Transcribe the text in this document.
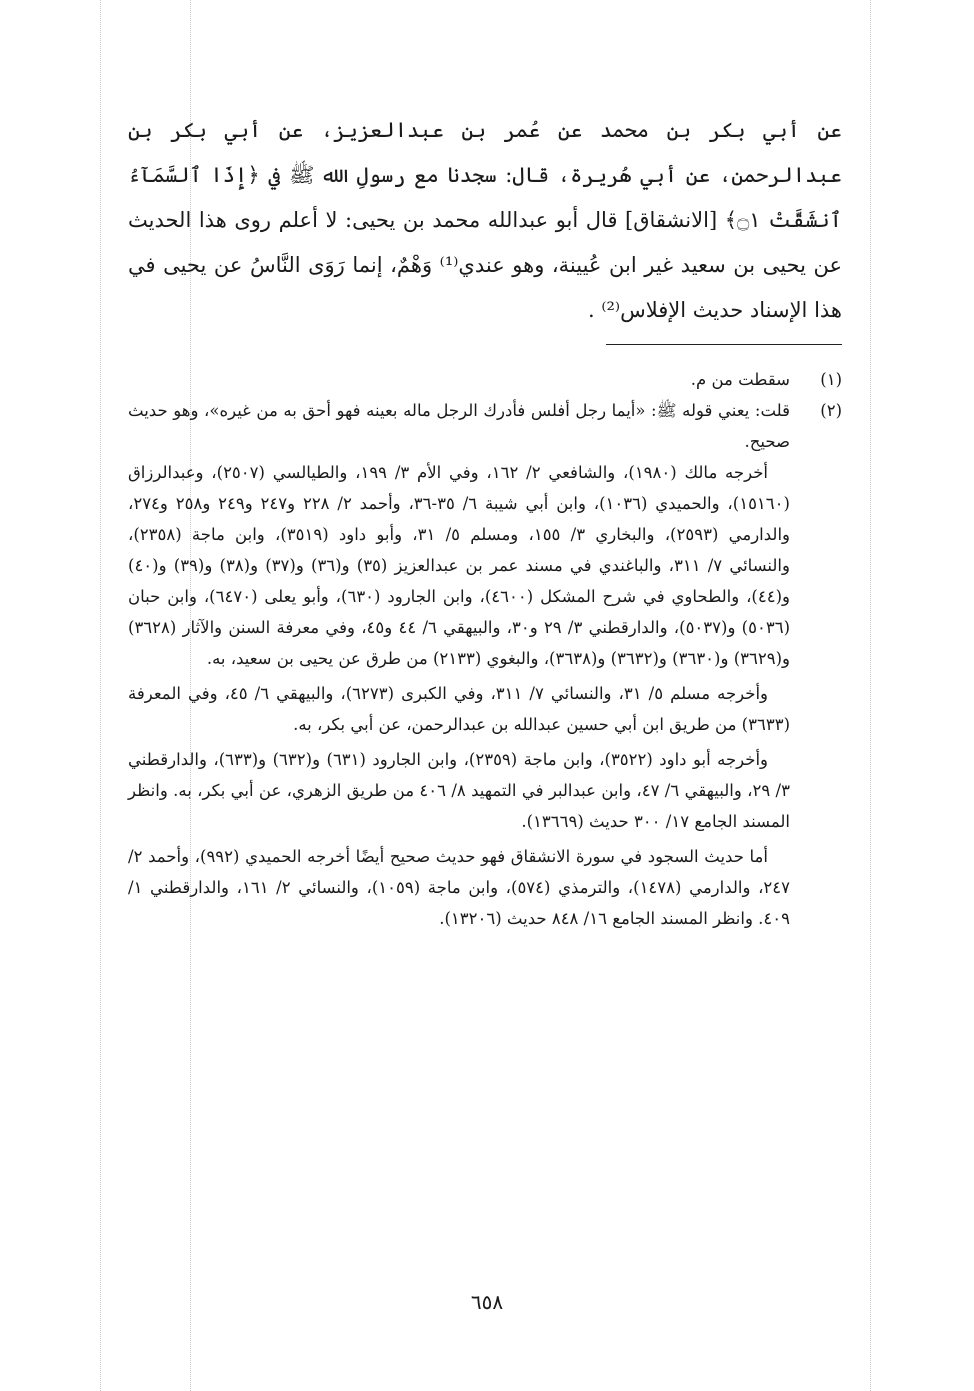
عن أبي بكر بن محمد عن عُمر بن عبدالعزيز، عن أبي بكر بن عبدالرحمن، عن أبي هُريرة، قال: سجدنا مع رسولِ الله ﷺ في ﴿إِذَا ٱلسَّمَآءُ ٱنشَقَّتْ ۝١﴾ [الانشقاق] قال أبو عبدالله محمد بن يحيى: لا أعلم روى هذا الحديث عن يحيى بن سعيد غير ابن عُيينة، وهو عندي⁽¹⁾ وَهْمٌ، إنما رَوَى النَّاسُ عن يحيى في هذا الإسناد حديث الإفلاس⁽²⁾ .

(١)
سقطت من م.
(٢)
قلت: يعني قوله ﷺ: «أيما رجل أفلس فأدرك الرجل ماله بعينه فهو أحق به من غيره»، وهو حديث صحيح.

أخرجه مالك (١٩٨٠)، والشافعي ٢/ ١٦٢، وفي الأم ٣/ ١٩٩، والطيالسي (٢٥٠٧)، وعبدالرزاق (١٥١٦٠)، والحميدي (١٠٣٦)، وابن أبي شيبة ٦/ ٣٥-٣٦، وأحمد ٢/ ٢٢٨ و٢٤٧ و٢٤٩ و٢٥٨ و٢٧٤، والدارمي (٢٥٩٣)، والبخاري ٣/ ١٥٥، ومسلم ٥/ ٣١، وأبو داود (٣٥١٩)، وابن ماجة (٢٣٥٨)، والنسائي ٧/ ٣١١، والباغندي في مسند عمر بن عبدالعزيز (٣٥) و(٣٦) و(٣٧) و(٣٨) و(٣٩) و(٤٠) و(٤٤)، والطحاوي في شرح المشكل (٤٦٠٠)، وابن الجارود (٦٣٠)، وأبو يعلى (٦٤٧٠)، وابن حبان (٥٠٣٦) و(٥٠٣٧)، والدارقطني ٣/ ٢٩ و٣٠، والبيهقي ٦/ ٤٤ و٤٥، وفي معرفة السنن والآثار (٣٦٢٨) و(٣٦٢٩) و(٣٦٣٠) و(٣٦٣٢) و(٣٦٣٨)، والبغوي (٢١٣٣) من طرق عن يحيى بن سعيد، به.

وأخرجه مسلم ٥/ ٣١، والنسائي ٧/ ٣١١، وفي الكبرى (٦٢٧٣)، والبيهقي ٦/ ٤٥، وفي المعرفة (٣٦٣٣) من طريق ابن أبي حسين عبدالله بن عبدالرحمن، عن أبي بكر، به.

وأخرجه أبو داود (٣٥٢٢)، وابن ماجة (٢٣٥٩)، وابن الجارود (٦٣١) و(٦٣٢) و(٦٣٣)، والدارقطني ٣/ ٢٩، والبيهقي ٦/ ٤٧، وابن عبدالبر في التمهيد ٨/ ٤٠٦ من طريق الزهري، عن أبي بكر، به. وانظر المسند الجامع ١٧/ ٣٠٠ حديث (١٣٦٦٩).

أما حديث السجود في سورة الانشقاق فهو حديث صحيح أيضًا أخرجه الحميدي (٩٩٢)، وأحمد ٢/ ٢٤٧، والدارمي (١٤٧٨)، والترمذي (٥٧٤)، وابن ماجة (١٠٥٩)، والنسائي ٢/ ١٦١، والدارقطني ١/ ٤٠٩. وانظر المسند الجامع ١٦/ ٨٤٨ حديث (١٣٢٠٦).

٦٥٨
